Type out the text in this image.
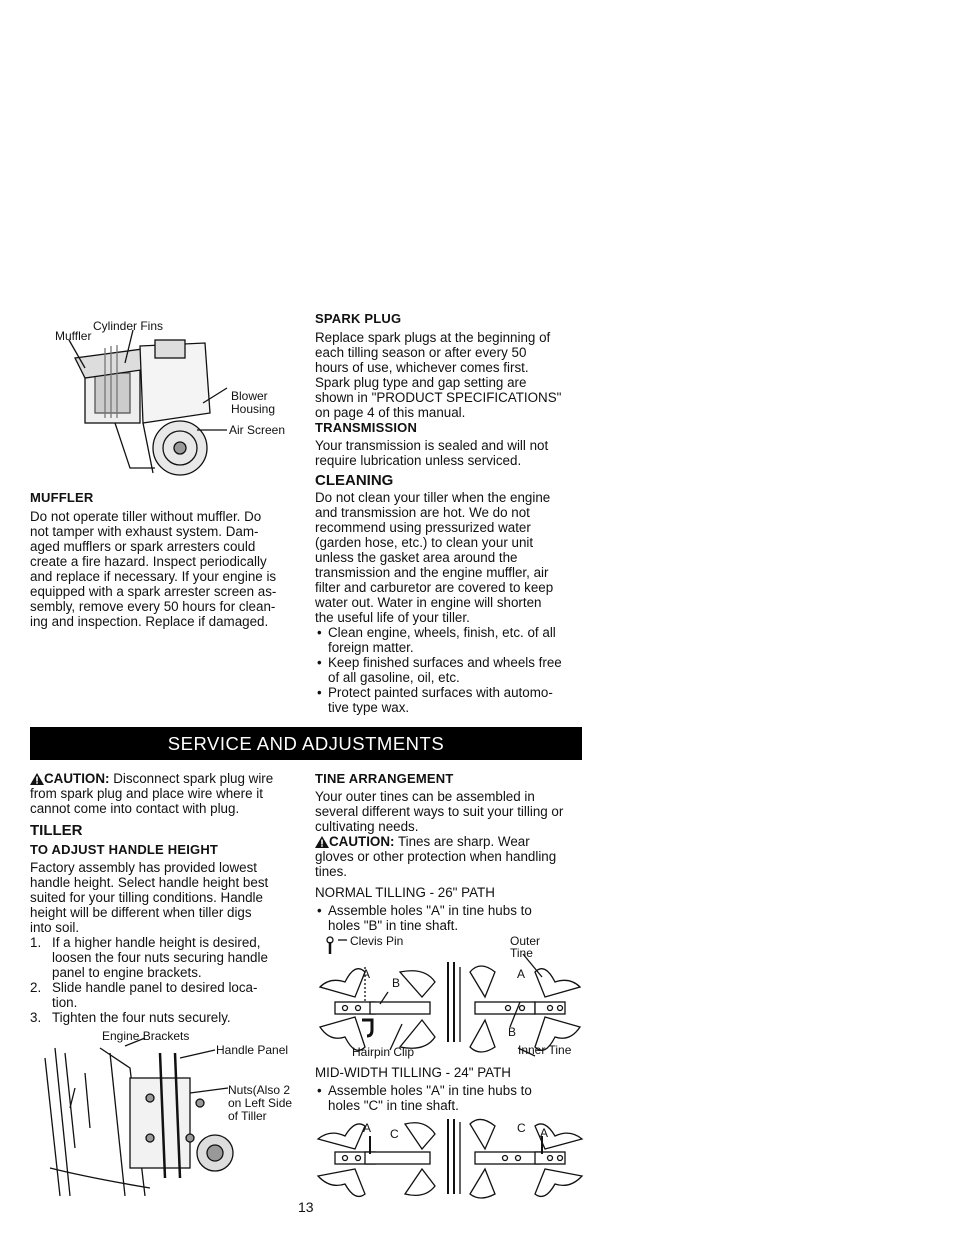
Cylinder Fins
Muffler
Blower
Housing
Air Screen
MUFFLER

Do not operate tiller without muffler. Do

not tamper with exhaust system. Dam-

aged mufflers or spark arresters could

create a fire hazard. Inspect periodically

and replace if necessary. If your engine is

equipped with a spark arrester screen as-

sembly, remove every 50 hours for clean-

ing and inspection. Replace if damaged.

SPARK PLUG

Replace spark plugs at the beginning of

each tilling season or after every 50

hours of use, whichever comes first.

Spark plug type and gap setting are

shown in "PRODUCT SPECIFICATIONS"

on page 4 of this manual.

TRANSMISSION

Your transmission is sealed and will not

require lubrication unless serviced.

CLEANING

Do not clean your tiller when the engine

and transmission are hot. We do not

recommend using pressurized water

(garden hose, etc.) to clean your unit

unless the gasket area around the

transmission and the engine muffler, air

filter and carburetor are covered to keep

water out. Water in engine will shorten

the useful life of your tiller.

• Clean engine, wheels, finish, etc. of all
foreign matter.
• Keep finished surfaces and wheels free
of all gasoline, oil, etc.
• Protect painted surfaces with automo-
tive type wax.
SERVICE AND ADJUSTMENTS

CAUTION: Disconnect spark plug wire

from spark plug and place wire where it

cannot come into contact with plug.

TILLER
TO ADJUST HANDLE HEIGHT

Factory assembly has provided lowest

handle height. Select handle height best

suited for your tilling conditions. Handle

height will be different when tiller digs

into soil.

1. If a higher handle height is desired,
loosen the four nuts securing handle
panel to engine brackets.
2. Slide handle panel to desired loca-
tion.
3. Tighten the four nuts securely.
Engine Brackets
Handle Panel
Nuts(Also 2
on Left Side
of Tiller
TINE ARRANGEMENT

Your outer tines can be assembled in

several different ways to suit your tilling or

cultivating needs.

CAUTION: Tines are sharp. Wear

gloves or other protection when handling

tines.

NORMAL TILLING - 26" PATH
• Assemble holes "A" in tine hubs to
holes "B" in tine shaft.
Clevis Pin	Outer
Tine
A
B
A
B
Hairpin Clip	Inner Tine
MID-WIDTH TILLING - 24" PATH
• Assemble holes "A" in tine hubs to
holes "C" in tine shaft.
A C	C A
13
